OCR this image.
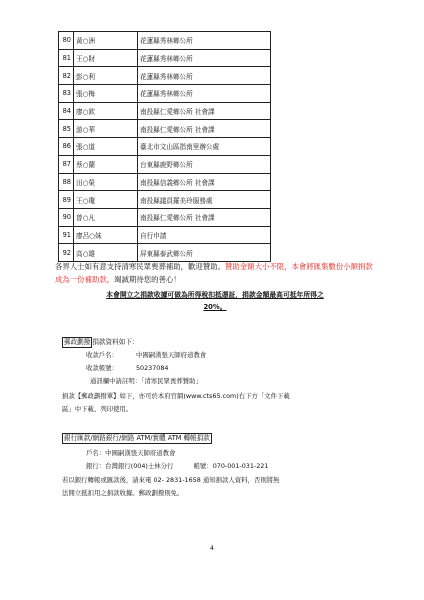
80	黃○洲	花蓮縣秀林鄉公所
81	王○財	花蓮縣秀林鄉公所
82	彭○利	花蓮縣秀林鄉公所
83	張○梅	花蓮縣秀林鄉公所
84	廖○欽	南投縣仁愛鄉公所 社會課
85	游○華	南投縣仁愛鄉公所 社會課
86	張○道	臺北市文山區指南里辦公處
87	蔡○蘭	台東縣鹿野鄉公所
88	田○榮	南投縣信義鄉公所 社會課
89	王○瓊	南投縣議員羅美玲服務處
90	曾○凡	南投縣仁愛鄉公所 社會課
91	廖呂○妹	自行申請
92	高○雄	屏東縣泰武鄉公所
各界人士如有意支持清寒民眾喪葬補助，歡迎贊助。贊助金額大小不限，本會將匯集數份小額捐款成為一份補助款。竭誠期待您的善心！
本會開立之捐款收據可做為所得稅扣抵憑証，捐款金額最高可抵年所得之
20%。
郵政劃撥 捐款資料如下：
收款戶名：	中國嗣漢張天師府道教會
收款帳號：	50237084
通訊欄中請註明：「清寒民眾喪葬贊助」
捐款【郵政劃撥單】如下，亦可於本府官網(www.cts65.com)右下方「文件下載
區」中下載、列印使用。
銀行匯款/網路銀行/網路 ATM/實體 ATM 轉帳捐款
戶名：中國嗣漢張天師府道教會
銀行：台灣銀行(004)士林分行	帳號：070-001-031-221
若以銀行轉帳或匯款後，請來電 02- 2831-1658 通知捐款人資料，否則將無
法開立抵扣用之捐款收據。郵政劃撥則免。
4
